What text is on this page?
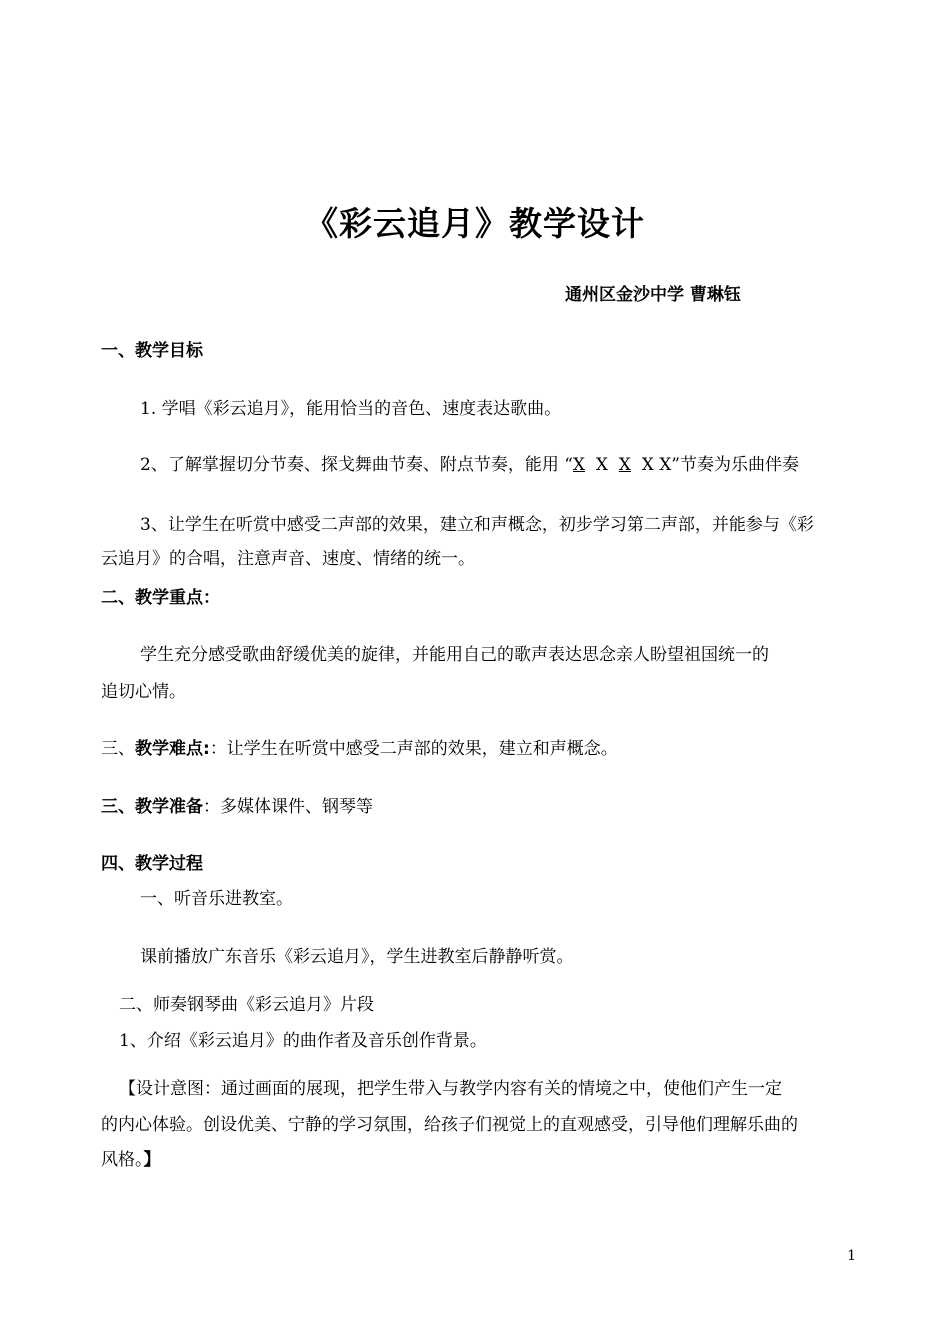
《彩云追月》教学设计
通州区金沙中学 曹琳钰
一、教学目标
1. 学唱《彩云追月》，能用恰当的音色、速度表达歌曲。
2、了解掌握切分节奏、探戈舞曲节奏、附点节奏，能用 “X X X X X”节奏为乐曲伴奏
3、让学生在听赏中感受二声部的效果，建立和声概念，初步学习第二声部，并能参与《彩
云追月》的合唱，注意声音、速度、情绪的统一。
二、教学重点：
学生充分感受歌曲舒缓优美的旋律，并能用自己的歌声表达思念亲人盼望祖国统一的
追切心情。
三、教学难点:：让学生在听赏中感受二声部的效果，建立和声概念。
三、教学准备：多媒体课件、钢琴等
四、教学过程
一、听音乐进教室。
课前播放广东音乐《彩云追月》，学生进教室后静静听赏。
二、师奏钢琴曲《彩云追月》片段
1、介绍《彩云追月》的曲作者及音乐创作背景。
【设计意图：通过画面的展现，把学生带入与教学内容有关的情境之中，使他们产生一定
的内心体验。创设优美、宁静的学习氛围，给孩子们视觉上的直观感受，引导他们理解乐曲的
风格。】
1
